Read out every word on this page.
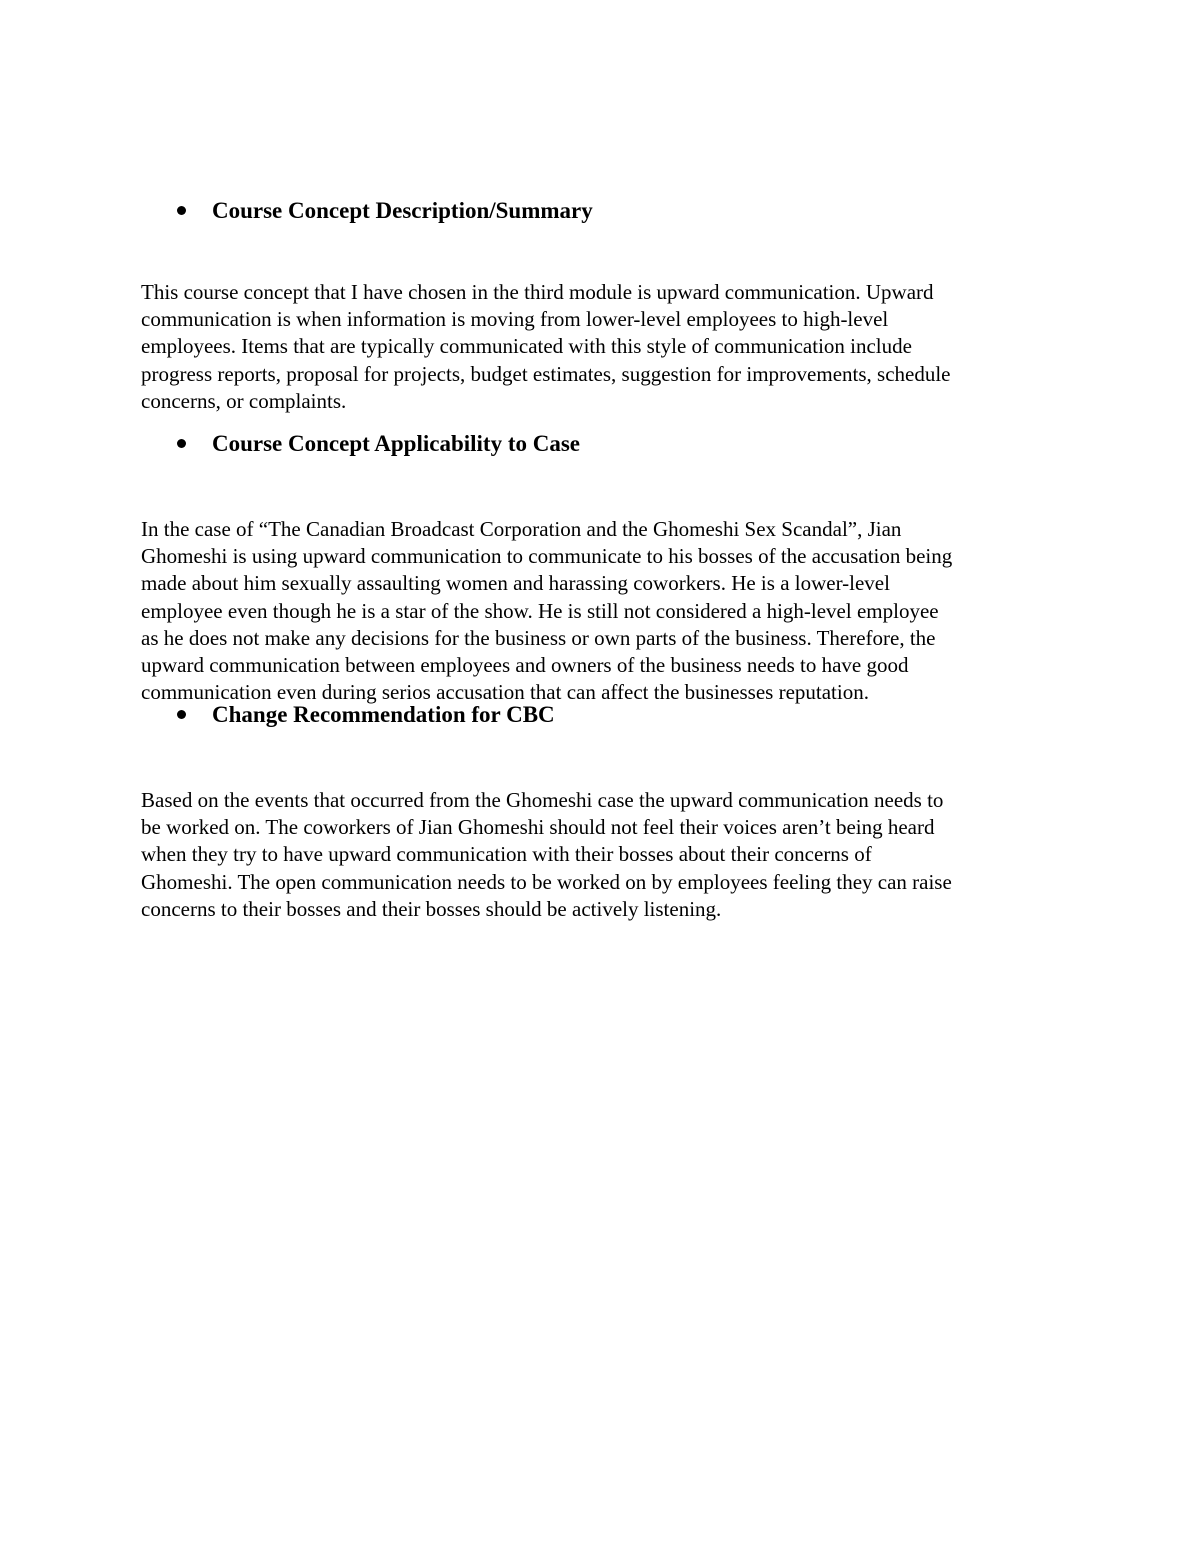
Course Concept Description/Summary

This course concept that I have chosen in the third module is upward communication. Upward
communication is when information is moving from lower-level employees to high-level
employees. Items that are typically communicated with this style of communication include
progress reports, proposal for projects, budget estimates, suggestion for improvements, schedule
concerns, or complaints.

Course Concept Applicability to Case

In the case of “The Canadian Broadcast Corporation and the Ghomeshi Sex Scandal”, Jian
Ghomeshi is using upward communication to communicate to his bosses of the accusation being
made about him sexually assaulting women and harassing coworkers. He is a lower-level
employee even though he is a star of the show. He is still not considered a high-level employee
as he does not make any decisions for the business or own parts of the business. Therefore, the
upward communication between employees and owners of the business needs to have good
communication even during serios accusation that can affect the businesses reputation.

Change Recommendation for CBC

Based on the events that occurred from the Ghomeshi case the upward communication needs to
be worked on. The coworkers of Jian Ghomeshi should not feel their voices aren’t being heard
when they try to have upward communication with their bosses about their concerns of
Ghomeshi. The open communication needs to be worked on by employees feeling they can raise
concerns to their bosses and their bosses should be actively listening.
